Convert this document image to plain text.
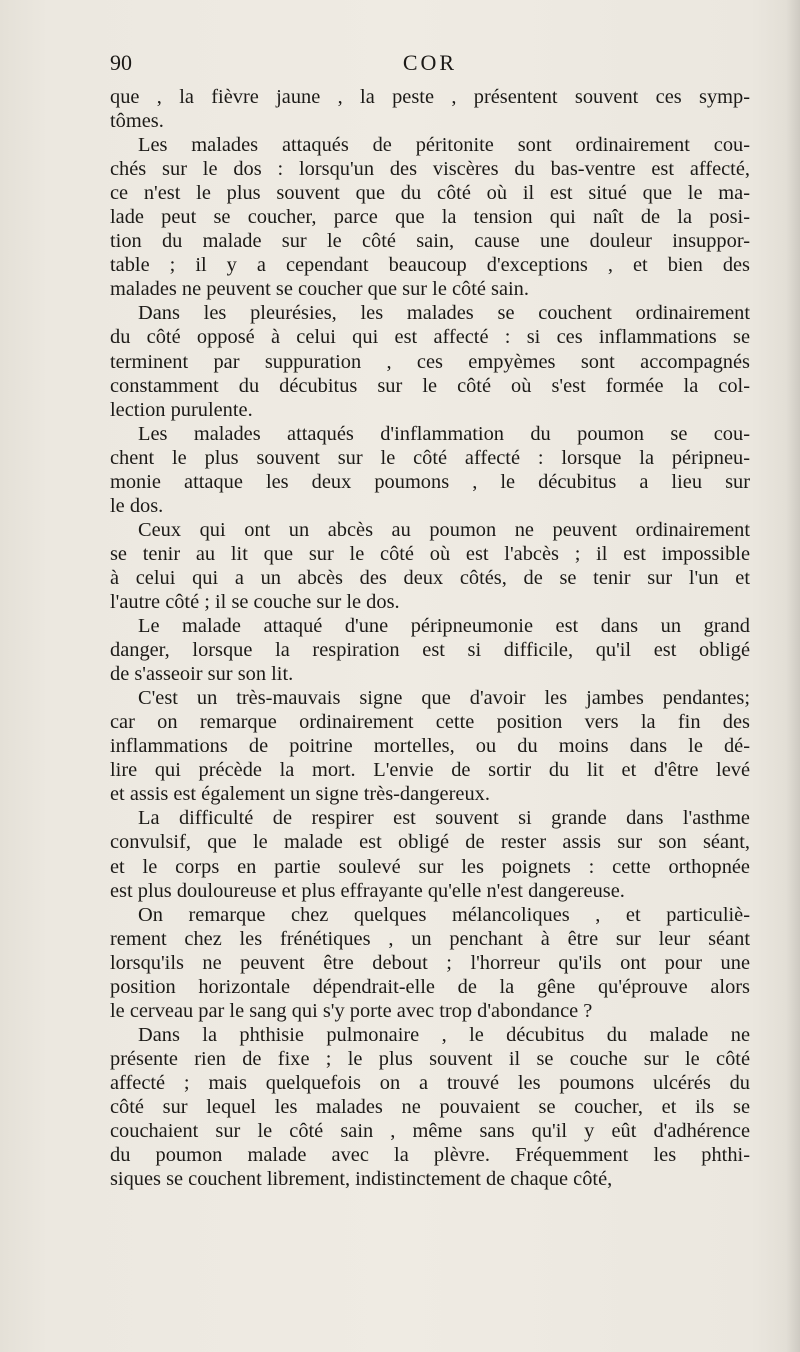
90	COR
que , la fièvre jaune , la peste , présentent souvent ces symp-
tômes.
Les malades attaqués de péritonite sont ordinairement cou-
chés sur le dos : lorsqu'un des viscères du bas-ventre est affecté,
ce n'est le plus souvent que du côté où il est situé que le ma-
lade peut se coucher, parce que la tension qui naît de la posi-
tion du malade sur le côté sain, cause une douleur insuppor-
table ; il y a cependant beaucoup d'exceptions , et bien des
malades ne peuvent se coucher que sur le côté sain.
Dans les pleurésies, les malades se couchent ordinairement
du côté opposé à celui qui est affecté : si ces inflammations se
terminent par suppuration , ces empyèmes sont accompagnés
constamment du décubitus sur le côté où s'est formée la col-
lection purulente.
Les malades attaqués d'inflammation du poumon se cou-
chent le plus souvent sur le côté affecté : lorsque la péripneu-
monie attaque les deux poumons , le décubitus a lieu sur
le dos.
Ceux qui ont un abcès au poumon ne peuvent ordinairement
se tenir au lit que sur le côté où est l'abcès ; il est impossible
à celui qui a un abcès des deux côtés, de se tenir sur l'un et
l'autre côté ; il se couche sur le dos.
Le malade attaqué d'une péripneumonie est dans un grand
danger, lorsque la respiration est si difficile, qu'il est obligé
de s'asseoir sur son lit.
C'est un très-mauvais signe que d'avoir les jambes pendantes;
car on remarque ordinairement cette position vers la fin des
inflammations de poitrine mortelles, ou du moins dans le dé-
lire qui précède la mort. L'envie de sortir du lit et d'être levé
et assis est également un signe très-dangereux.
La difficulté de respirer est souvent si grande dans l'asthme
convulsif, que le malade est obligé de rester assis sur son séant,
et le corps en partie soulevé sur les poignets : cette orthopnée
est plus douloureuse et plus effrayante qu'elle n'est dangereuse.
On remarque chez quelques mélancoliques , et particuliè-
rement chez les frénétiques , un penchant à être sur leur séant
lorsqu'ils ne peuvent être debout ; l'horreur qu'ils ont pour une
position horizontale dépendrait-elle de la gêne qu'éprouve alors
le cerveau par le sang qui s'y porte avec trop d'abondance ?
Dans la phthisie pulmonaire , le décubitus du malade ne
présente rien de fixe ; le plus souvent il se couche sur le côté
affecté ; mais quelquefois on a trouvé les poumons ulcérés du
côté sur lequel les malades ne pouvaient se coucher, et ils se
couchaient sur le côté sain , même sans qu'il y eût d'adhérence
du poumon malade avec la plèvre. Fréquemment les phthi-
siques se couchent librement, indistinctement de chaque côté,
